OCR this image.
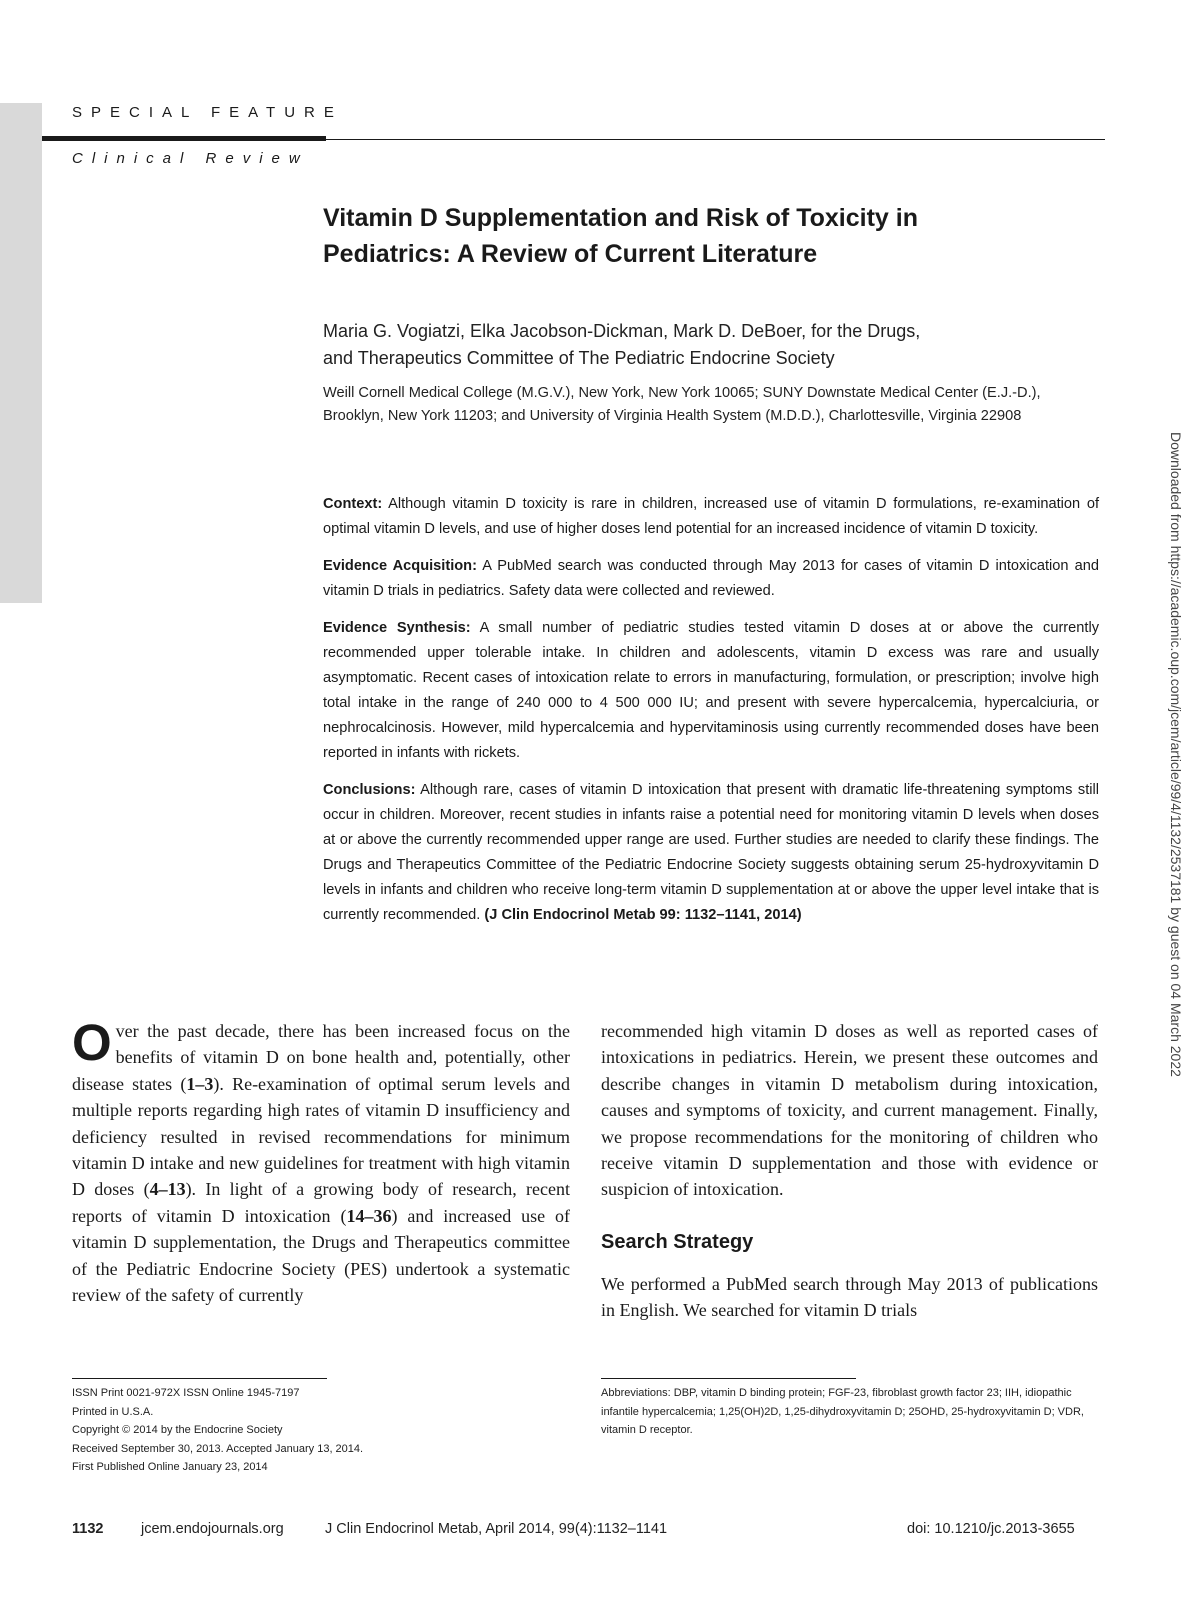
SPECIAL FEATURE
Clinical Review
Vitamin D Supplementation and Risk of Toxicity in
Pediatrics: A Review of Current Literature
Maria G. Vogiatzi, Elka Jacobson-Dickman, Mark D. DeBoer, for the Drugs,
and Therapeutics Committee of The Pediatric Endocrine Society
Weill Cornell Medical College (M.G.V.), New York, New York 10065; SUNY Downstate Medical Center (E.J.-D.), Brooklyn, New York 11203; and University of Virginia Health System (M.D.D.), Charlottesville, Virginia 22908

Context: Although vitamin D toxicity is rare in children, increased use of vitamin D formulations, re-examination of optimal vitamin D levels, and use of higher doses lend potential for an increased incidence of vitamin D toxicity.

Evidence Acquisition: A PubMed search was conducted through May 2013 for cases of vitamin D intoxication and vitamin D trials in pediatrics. Safety data were collected and reviewed.

Evidence Synthesis: A small number of pediatric studies tested vitamin D doses at or above the currently recommended upper tolerable intake. In children and adolescents, vitamin D excess was rare and usually asymptomatic. Recent cases of intoxication relate to errors in manufacturing, formulation, or prescription; involve high total intake in the range of 240 000 to 4 500 000 IU; and present with severe hypercalcemia, hypercalciuria, or nephrocalcinosis. However, mild hypercalcemia and hypervitaminosis using currently recommended doses have been reported in infants with rickets.

Conclusions: Although rare, cases of vitamin D intoxication that present with dramatic life-threatening symptoms still occur in children. Moreover, recent studies in infants raise a potential need for monitoring vitamin D levels when doses at or above the currently recommended upper range are used. Further studies are needed to clarify these findings. The Drugs and Therapeutics Committee of the Pediatric Endocrine Society suggests obtaining serum 25-hydroxyvitamin D levels in infants and children who receive long-term vitamin D supplementation at or above the upper level intake that is currently recommended. (J Clin Endocrinol Metab 99: 1132–1141, 2014)	Downloaded from https://academic.oup.com/jcem/article/99/4/1132/2537181 by guest on 04 March 2022

Over the past decade, there has been increased focus on the benefits of vitamin D on bone health and, potentially, other disease states (1–3). Re-examination of optimal serum levels and multiple reports regarding high rates of vitamin D insufficiency and deficiency resulted in revised recommendations for minimum vitamin D intake and new guidelines for treatment with high vitamin D doses (4–13). In light of a growing body of research, recent reports of vitamin D intoxication (14–36) and increased use of vitamin D supplementation, the Drugs and Therapeutics committee of the Pediatric Endocrine Society (PES) undertook a systematic review of the safety of currently

recommended high vitamin D doses as well as reported cases of intoxications in pediatrics. Herein, we present these outcomes and describe changes in vitamin D metabolism during intoxication, causes and symptoms of toxicity, and current management. Finally, we propose recommendations for the monitoring of children who receive vitamin D supplementation and those with evidence or suspicion of intoxication.

Search Strategy

We performed a PubMed search through May 2013 of publications in English. We searched for vitamin D trials

ISSN Print 0021-972X ISSN Online 1945-7197
Printed in U.S.A.
Copyright © 2014 by the Endocrine Society
Received September 30, 2013. Accepted January 13, 2014.
First Published Online January 23, 2014
Abbreviations: DBP, vitamin D binding protein; FGF-23, fibroblast growth factor 23; IIH, idiopathic infantile hypercalcemia; 1,25(OH)2D, 1,25-dihydroxyvitamin D; 25OHD, 25-hydroxyvitamin D; VDR, vitamin D receptor.
1132	jcem.endojournals.org	J Clin Endocrinol Metab, April 2014, 99(4):1132–1141	doi: 10.1210/jc.2013-3655
